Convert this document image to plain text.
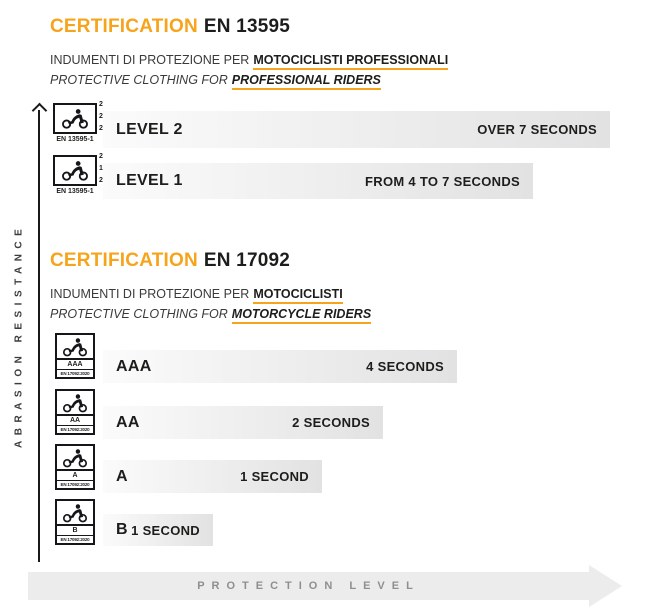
ABRASION RESISTANCE
CERTIFICATION EN 13595
INDUMENTI DI PROTEZIONE PER MOTOCICLISTI PROFESSIONALI
PROTECTIVE CLOTHING FOR PROFESSIONAL RIDERS
2
2
2
EN 13595-1
LEVEL 2	OVER 7 SECONDS
2
1
2
EN 13595-1
LEVEL 1	FROM 4 TO 7 SECONDS
CERTIFICATION EN 17092
INDUMENTI DI PROTEZIONE PER MOTOCICLISTI
PROTECTIVE CLOTHING FOR MOTORCYCLE RIDERS
AAA
EN 17092:2020 AAA	4 SECONDS
AA
EN 17092:2020 AA	2 SECONDS
A
EN 17092:2020 A	1 SECOND
B
EN 17092:2020
B 1 SECOND
PROTECTION LEVEL
